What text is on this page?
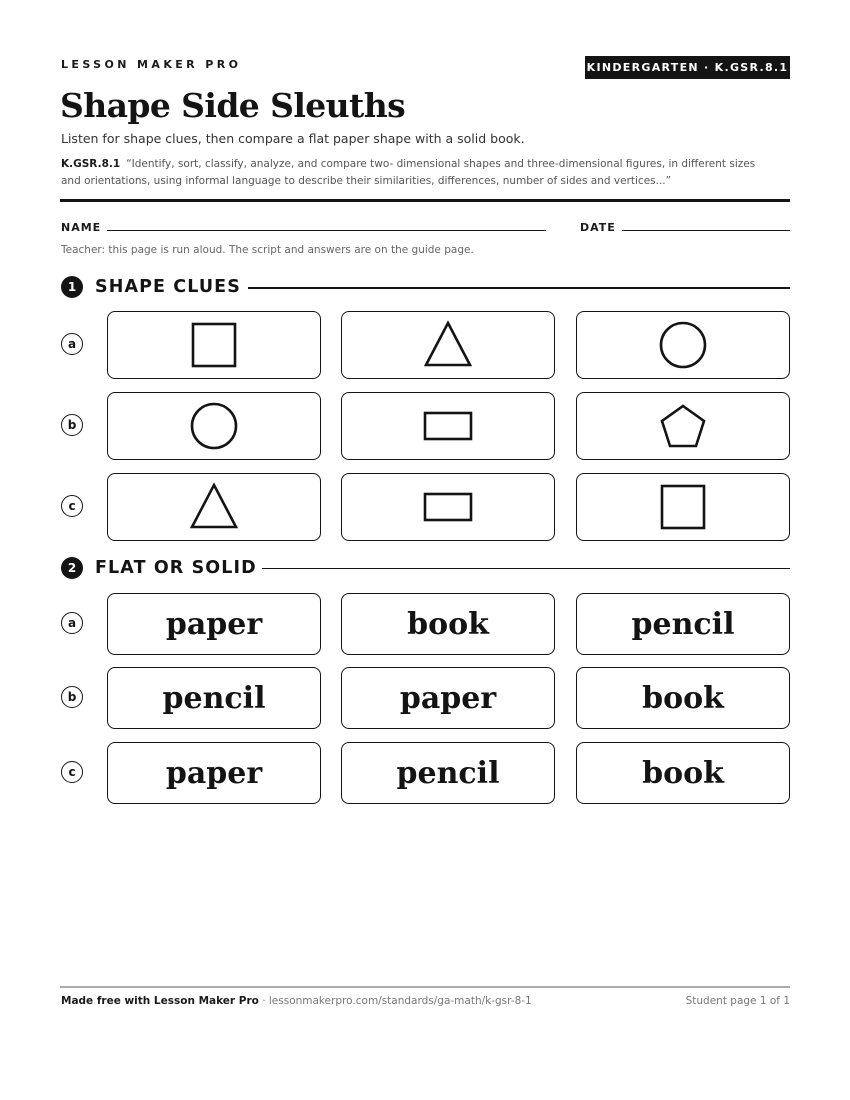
LESSON MAKER PRO	KINDERGARTEN · K.GSR.8.1
Shape Side Sleuths
Listen for shape clues, then compare a flat paper shape with a solid book.
K.GSR.8.1 “Identify, sort, classify, analyze, and compare two- dimensional shapes and three-dimensional figures, in different sizes and orientations, using informal language to describe their similarities, differences, number of sides and vertices...”
NAME	DATE
Teacher: this page is run aloud. The script and answers are on the guide page.
1	SHAPE CLUES
a
b
c
2	FLAT OR SOLID
a	paper	book	pencil
b	pencil	paper	book
c	paper	pencil	book
Made free with Lesson Maker Pro · lessonmakerpro.com/standards/ga-math/k-gsr-8-1	Student page 1 of 1
